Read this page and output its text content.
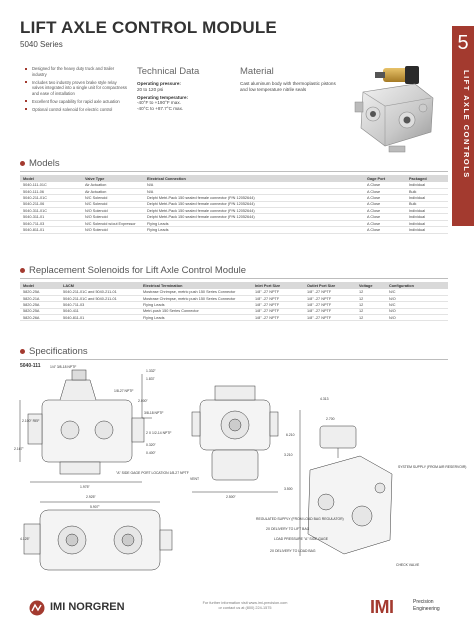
5
LIFT AXLE CONTROLS
LIFT AXLE CONTROL MODULE
5040 Series
Designed for the heavy duty truck and trailer industry
Includes two industry proven brake style relay valves integrated into a single unit for compactness and ease of installation
Excellent flow capability for rapid axle actuation
Optional control solenoid for electric control
Technical Data
Operating pressure:
20 to 120 psi
Operating temperature:
-40°F to +190°F max.
-40°C to +87.7°C max.
Material
Cast aluminum body with thermoplastic pistons and low temperature nitrile seals
Models
Model	Valve Type	Electrical Connection	Gage Port	Packaged
5040-111-01C	Air Actuation	N/A	A Close	Individual
5040-111-06	Air Actuation	N/A	A Close	Bulk
5040-211-01C	N/C Solenoid	Delphi Metri-Pack 150 sealed female connector (P/N 12052644)	A Close	Individual
5040-211-06	N/C Solenoid	Delphi Metri-Pack 150 sealed female connector (P/N 12052644)	A Close	Bulk
5040-311-01C	N/O Solenoid	Delphi Metri-Pack 150 sealed female connector (P/N 12052644)	A Close	Individual
5040-311-01	N/O Solenoid	Delphi Metri-Pack 150 sealed female connector (P/N 12052644)	A Close	Individual
5040-711-03	N/C Solenoid w/out Expressor	Flying Leads	A Close	Individual
5040-811-01	N/O Solenoid	Flying Leads	A Close	Individual
Replacement Solenoids for Lift Axle Control Module
Model	LACM	Electrical Termination	Inlet Port Size	Outlet Port Size	Voltage	Configuration
5820-25A	5040-211-01C and 5040-211-01	Mostrase Chrimpse, metric push 150 Series Connector	1/8" -27 NPTF	1/8" -27 NPTF	12	N/C
5820-21A	5040-211-01C and 5040-211-01	Mostrase Chrimpse, metric push 150 Series Connector	1/8" -27 NPTF	1/8" -27 NPTF	12	N/O
5820-25A	5040-711-03	Flying Leads	1/8" -27 NPTF	1/8" -27 NPTF	12	N/C
5820-25A	5040-411	Metri-push 150 Series Connector	1/8" -27 NPTF	1/8" -27 NPTF	12	N/O
5820-26A	5040-811-01	Flying Leads	1/8" -27 NPTF	1/8" -27 NPTF	12	N/O
Specifications
5040-111	1/4" 3/8-18 NPTF
1/8-27 NPTF
1.332"
1.837
2.100" REF
2.000"
3/8-18 NPTF
2 X 1/2-14 NPTF
2.167"
0.320"
0.400"
1.975"
"A" SIDE GAGE PORT LOCATION 1/8-27 NPTF
VENT
2.500"
2.925"
SYSTEM SUPPLY (FROM AIR RESERVOIR)
REGULATED SUPPLY (FROM LOAD BAG REGULATOR)
2X DELIVERY TO LIFT BAG
LOAD PRESSURE "A" SIDE GAGE
2X DELIVERY TO LOAD BAG
CHECK VALVE
4.125"
5.907"
2.700
6.210
3.210
4.313
3.500
IMI NORGREN	For further information visit www.imi-precision.com
or contact us at (800) 224-1575	IMI	Precision
Engineering
